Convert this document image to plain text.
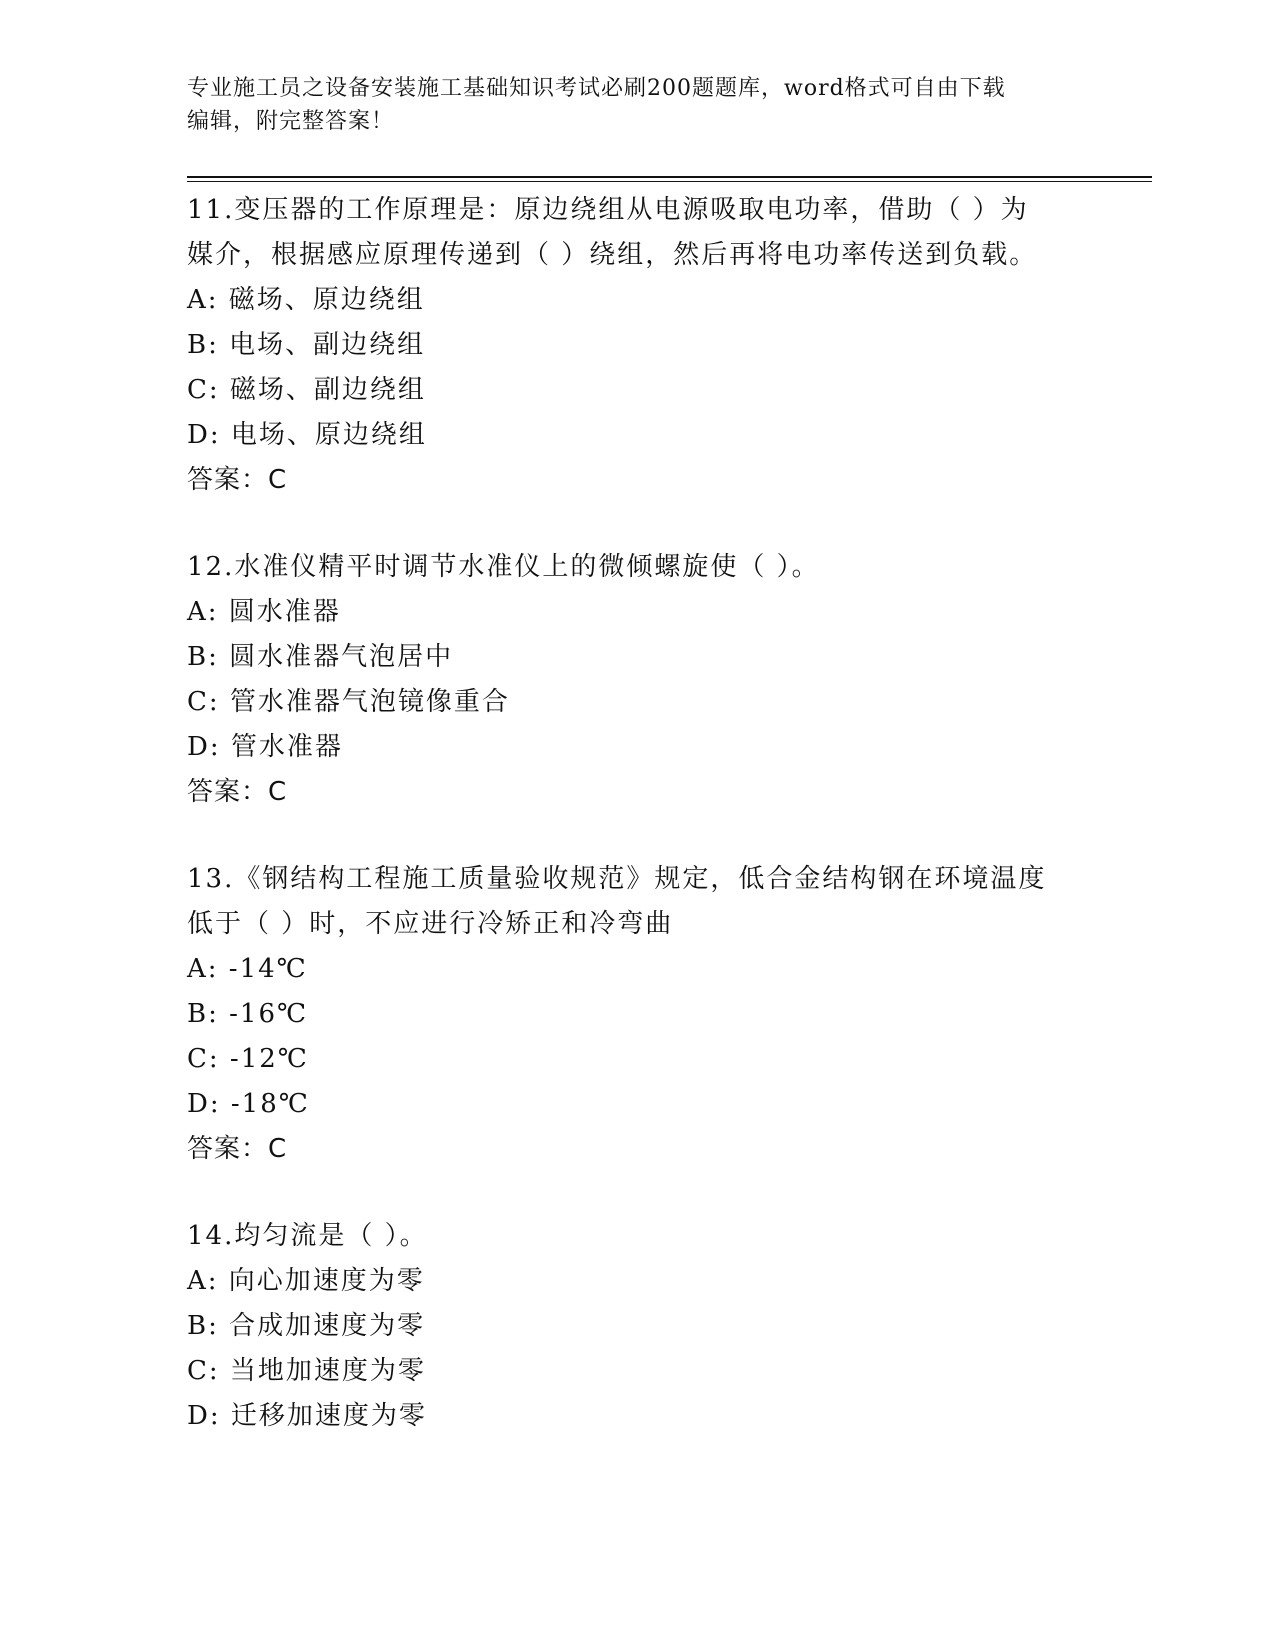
专业施工员之设备安装施工基础知识考试必刷200题题库，word格式可自由下载
编辑，附完整答案！
11.变压器的工作原理是：原边绕组从电源吸取电功率，借助（ ）为
媒介，根据感应原理传递到（ ）绕组，然后再将电功率传送到负载。
A: 磁场、原边绕组
B: 电场、副边绕组
C: 磁场、副边绕组
D: 电场、原边绕组
答案：C
12.水准仪精平时调节水准仪上的微倾螺旋使（ ）。
A: 圆水准器
B: 圆水准器气泡居中
C: 管水准器气泡镜像重合
D: 管水准器
答案：C
13.《钢结构工程施工质量验收规范》规定，低合金结构钢在环境温度
低于（ ）时，不应进行冷矫正和冷弯曲
A: -14℃
B: -16℃
C: -12℃
D: -18℃
答案：C
14.均匀流是（ ）。
A: 向心加速度为零
B: 合成加速度为零
C: 当地加速度为零
D: 迁移加速度为零
